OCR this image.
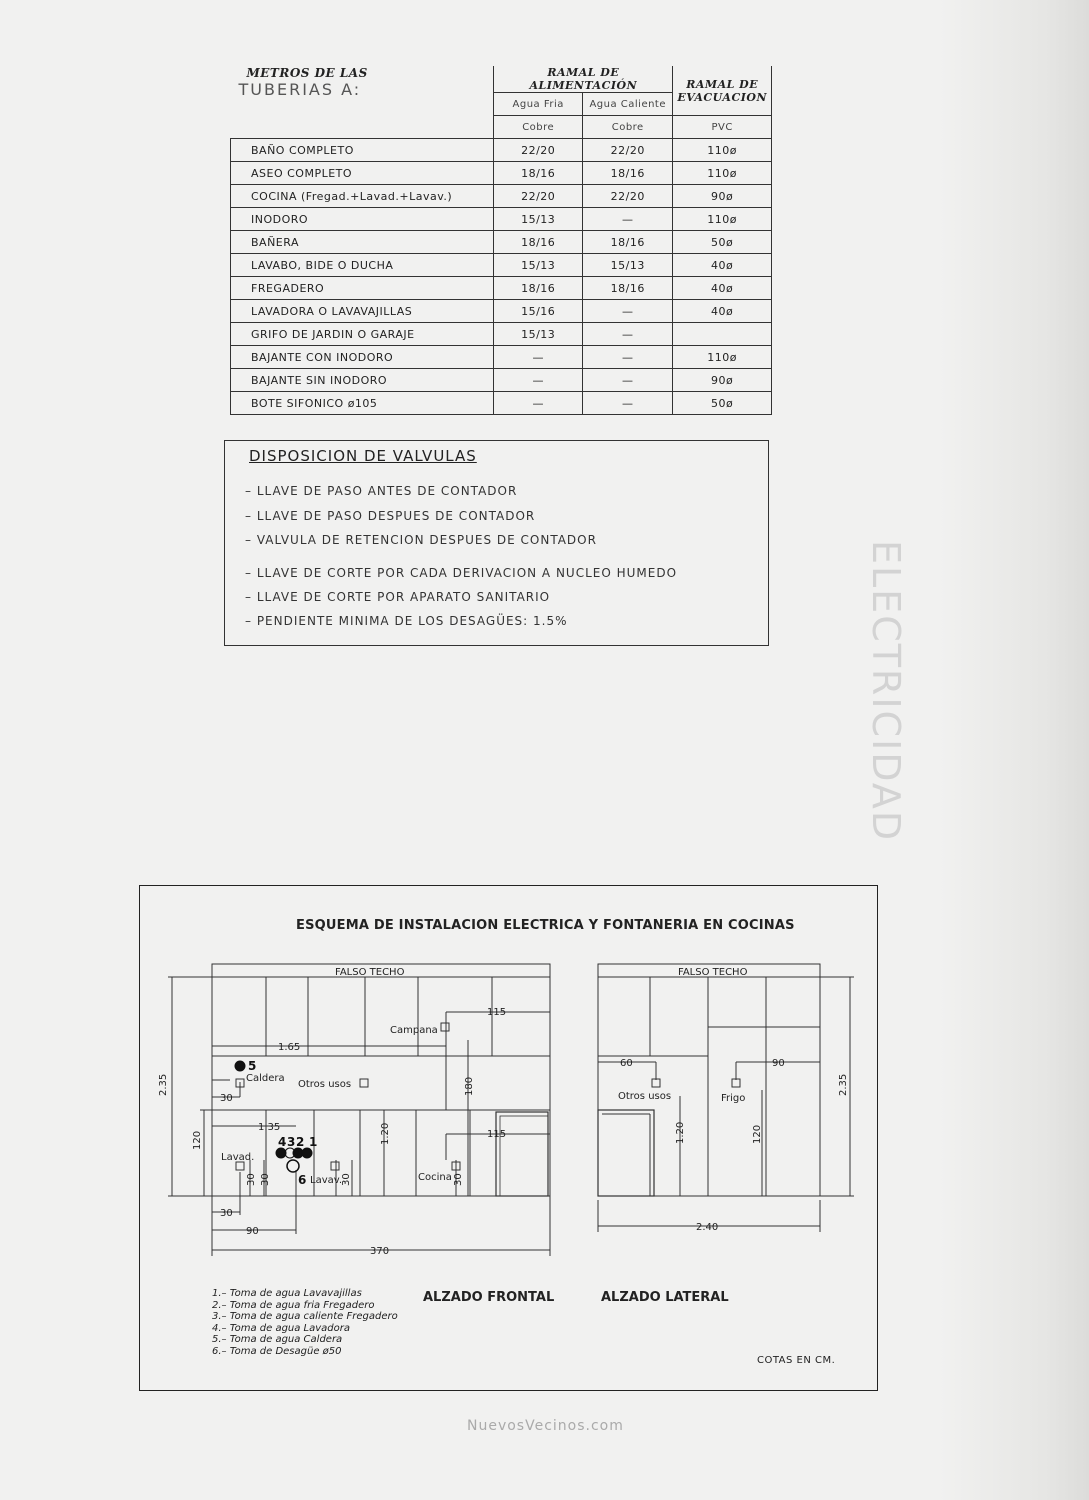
ELECTRICIDAD
METROS DE LAS
TUBERIAS A:	RAMAL DE ALIMENTACIÓN		RAMAL DE EVACUACION
	Agua Fria	Agua Caliente	
	Cobre	Cobre	PVC
BAÑO COMPLETO	22/20	22/20	110ø
ASEO COMPLETO	18/16	18/16	110ø
COCINA (Fregad.+Lavad.+Lavav.)	22/20	22/20	90ø
INODORO	15/13	—	110ø
BAÑERA	18/16	18/16	50ø
LAVABO, BIDE O DUCHA	15/13	15/13	40ø
FREGADERO	18/16	18/16	40ø
LAVADORA O LAVAVAJILLAS	15/16	—	40ø
GRIFO DE JARDIN O GARAJE	15/13	—	
BAJANTE CON INODORO	—	—	110ø
BAJANTE SIN INODORO	—	—	90ø
BOTE SIFONICO ø105	—	—	50ø
DISPOSICION DE VALVULAS
– LLAVE DE PASO ANTES DE CONTADOR
– LLAVE DE PASO DESPUES DE CONTADOR
– VALVULA DE RETENCION DESPUES DE CONTADOR
– LLAVE DE CORTE POR CADA DERIVACION A NUCLEO HUMEDO
– LLAVE DE CORTE POR APARATO SANITARIO
– PENDIENTE MINIMA DE LOS DESAGÜES: 1.5%
ESQUEMA DE INSTALACION ELECTRICA Y FONTANERIA EN COCINAS
FALSO TECHO
Campana
Caldera
Otros usos
Lavad.
Lavav.	Cocina
115
1.65
2.35
30
180
1.35
120	1.20	115
30 30	30	30
30
90
370
5
4 3 2 1
6
FALSO TECHO
60	90
Otros usos	Frigo
1.20	120
2.35
2.40
ALZADO FRONTAL	ALZADO LATERAL
1.– Toma de agua Lavavajillas
2.– Toma de agua fria Fregadero
3.– Toma de agua caliente Fregadero
4.– Toma de agua Lavadora
5.– Toma de agua Caldera
6.– Toma de Desagüe ø50
COTAS EN CM.
NuevosVecinos.com
